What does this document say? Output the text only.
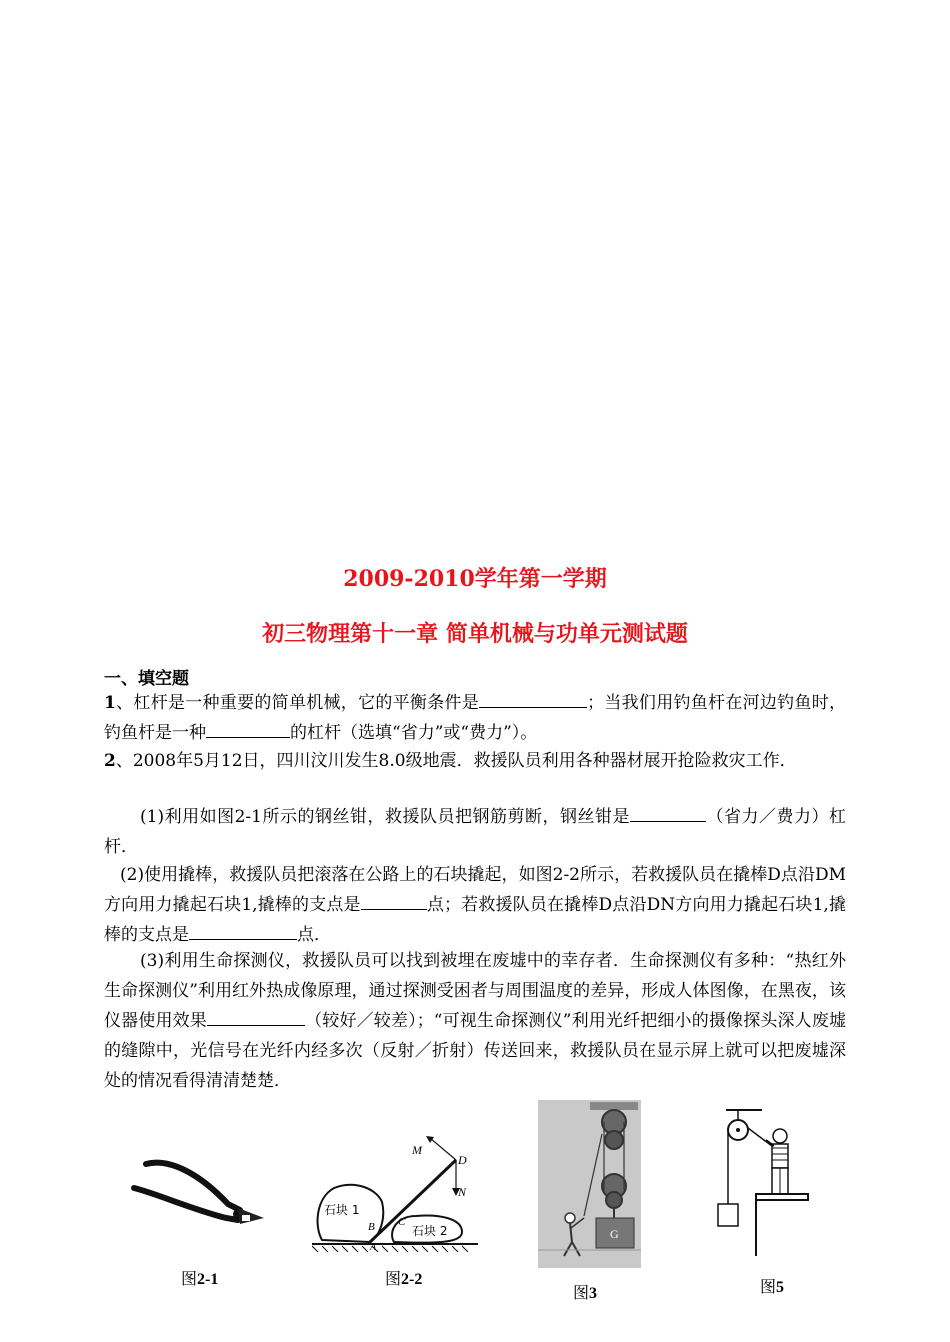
2009-2010学年第一学期
初三物理第十一章 简单机械与功单元测试题
一、填空题
1、杠杆是一种重要的简单机械，它的平衡条件是	；当我们用钓鱼杆在河边钓鱼时，钓鱼杆是一种	的杠杆（选填“省力”或“费力”）。
2、2008年5月12日，四川汶川发生8.0级地震．救援队员利用各种器材展开抢险救灾工作．
(1)利用如图2-1所示的钢丝钳，救援队员把钢筋剪断，钢丝钳是	（省力／费力）杠杆．
(2)使用撬棒，救援队员把滚落在公路上的石块撬起，如图2-2所示，若救援队员在撬棒D点沿DM方向用力撬起石块1,撬棒的支点是	点；若救援队员在撬棒D点沿DN方向用力撬起石块1,撬棒的支点是	点．
(3)利用生命探测仪，救援队员可以找到被埋在废墟中的幸存者．生命探测仪有多种：“热红外生命探测仪”利用红外热成像原理，通过探测受困者与周围温度的差异，形成人体图像，在黑夜，该仪器使用效果	（较好／较差）；“可视生命探测仪”利用光纤把细小的摄像探头深人废墟的缝隙中，光信号在光纤内经多次（反射／折射）传送回来，救援队员在显示屏上就可以把废墟深处的情况看得清清楚楚．
图2-1
M
D
N
B C
A
石块 1
石块 2
图2-2
G
图3	图5
